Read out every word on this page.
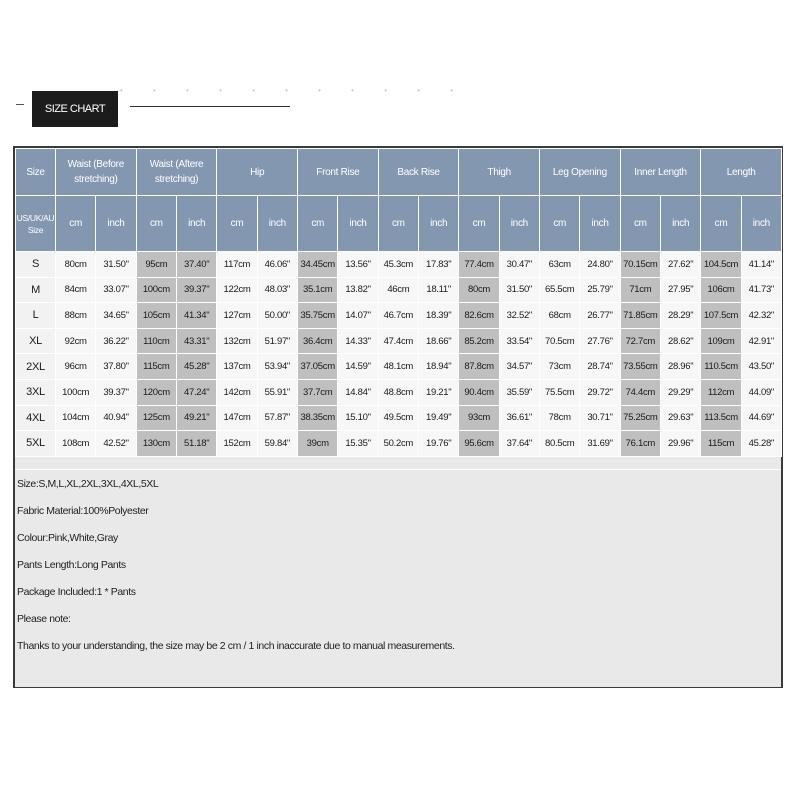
• • • • • • • • • • •
SIZE CHART
Size	Waist (Before stretching)		Waist (Aftere stretching)		Hip		Front Rise		Back Rise		Thigh		Leg Opening		Inner Length		Length	
US/UK/AU Size	cm	inch	cm	inch	cm	inch	cm	inch	cm	inch	cm	inch	cm	inch	cm	inch	cm	inch
S	80cm	31.50"	95cm	37.40"	117cm	46.06"	34.45cm	13.56"	45.3cm	17.83"	77.4cm	30.47"	63cm	24.80"	70.15cm	27.62"	104.5cm	41.14"
M	84cm	33.07"	100cm	39.37"	122cm	48.03"	35.1cm	13.82"	46cm	18.11"	80cm	31.50"	65.5cm	25.79"	71cm	27.95"	106cm	41.73"
L	88cm	34.65"	105cm	41.34"	127cm	50.00"	35.75cm	14.07"	46.7cm	18.39"	82.6cm	32.52"	68cm	26.77"	71.85cm	28.29"	107.5cm	42.32"
XL	92cm	36.22"	110cm	43.31"	132cm	51.97"	36.4cm	14.33"	47.4cm	18.66"	85.2cm	33.54"	70.5cm	27.76"	72.7cm	28.62"	109cm	42.91"
2XL	96cm	37.80"	115cm	45.28"	137cm	53.94"	37.05cm	14.59"	48.1cm	18.94"	87.8cm	34.57"	73cm	28.74"	73.55cm	28.96"	110.5cm	43.50"
3XL	100cm	39.37"	120cm	47.24"	142cm	55.91"	37.7cm	14.84"	48.8cm	19.21"	90.4cm	35.59"	75.5cm	29.72"	74.4cm	29.29"	112cm	44.09"
4XL	104cm	40.94"	125cm	49.21"	147cm	57.87"	38.35cm	15.10"	49.5cm	19.49"	93cm	36.61"	78cm	30.71"	75.25cm	29.63"	113.5cm	44.69"
5XL	108cm	42.52"	130cm	51.18"	152cm	59.84"	39cm	15.35"	50.2cm	19.76"	95.6cm	37.64"	80.5cm	31.69"	76.1cm	29.96"	115cm	45.28"
Size:S,M,L,XL,2XL,3XL,4XL,5XL
Fabric Material:100%Polyester
Colour:Pink,White,Gray
Pants Length:Long Pants
Package Included:1 * Pants
Please note:
Thanks to your understanding, the size may be 2 cm / 1 inch inaccurate due to manual measurements.
